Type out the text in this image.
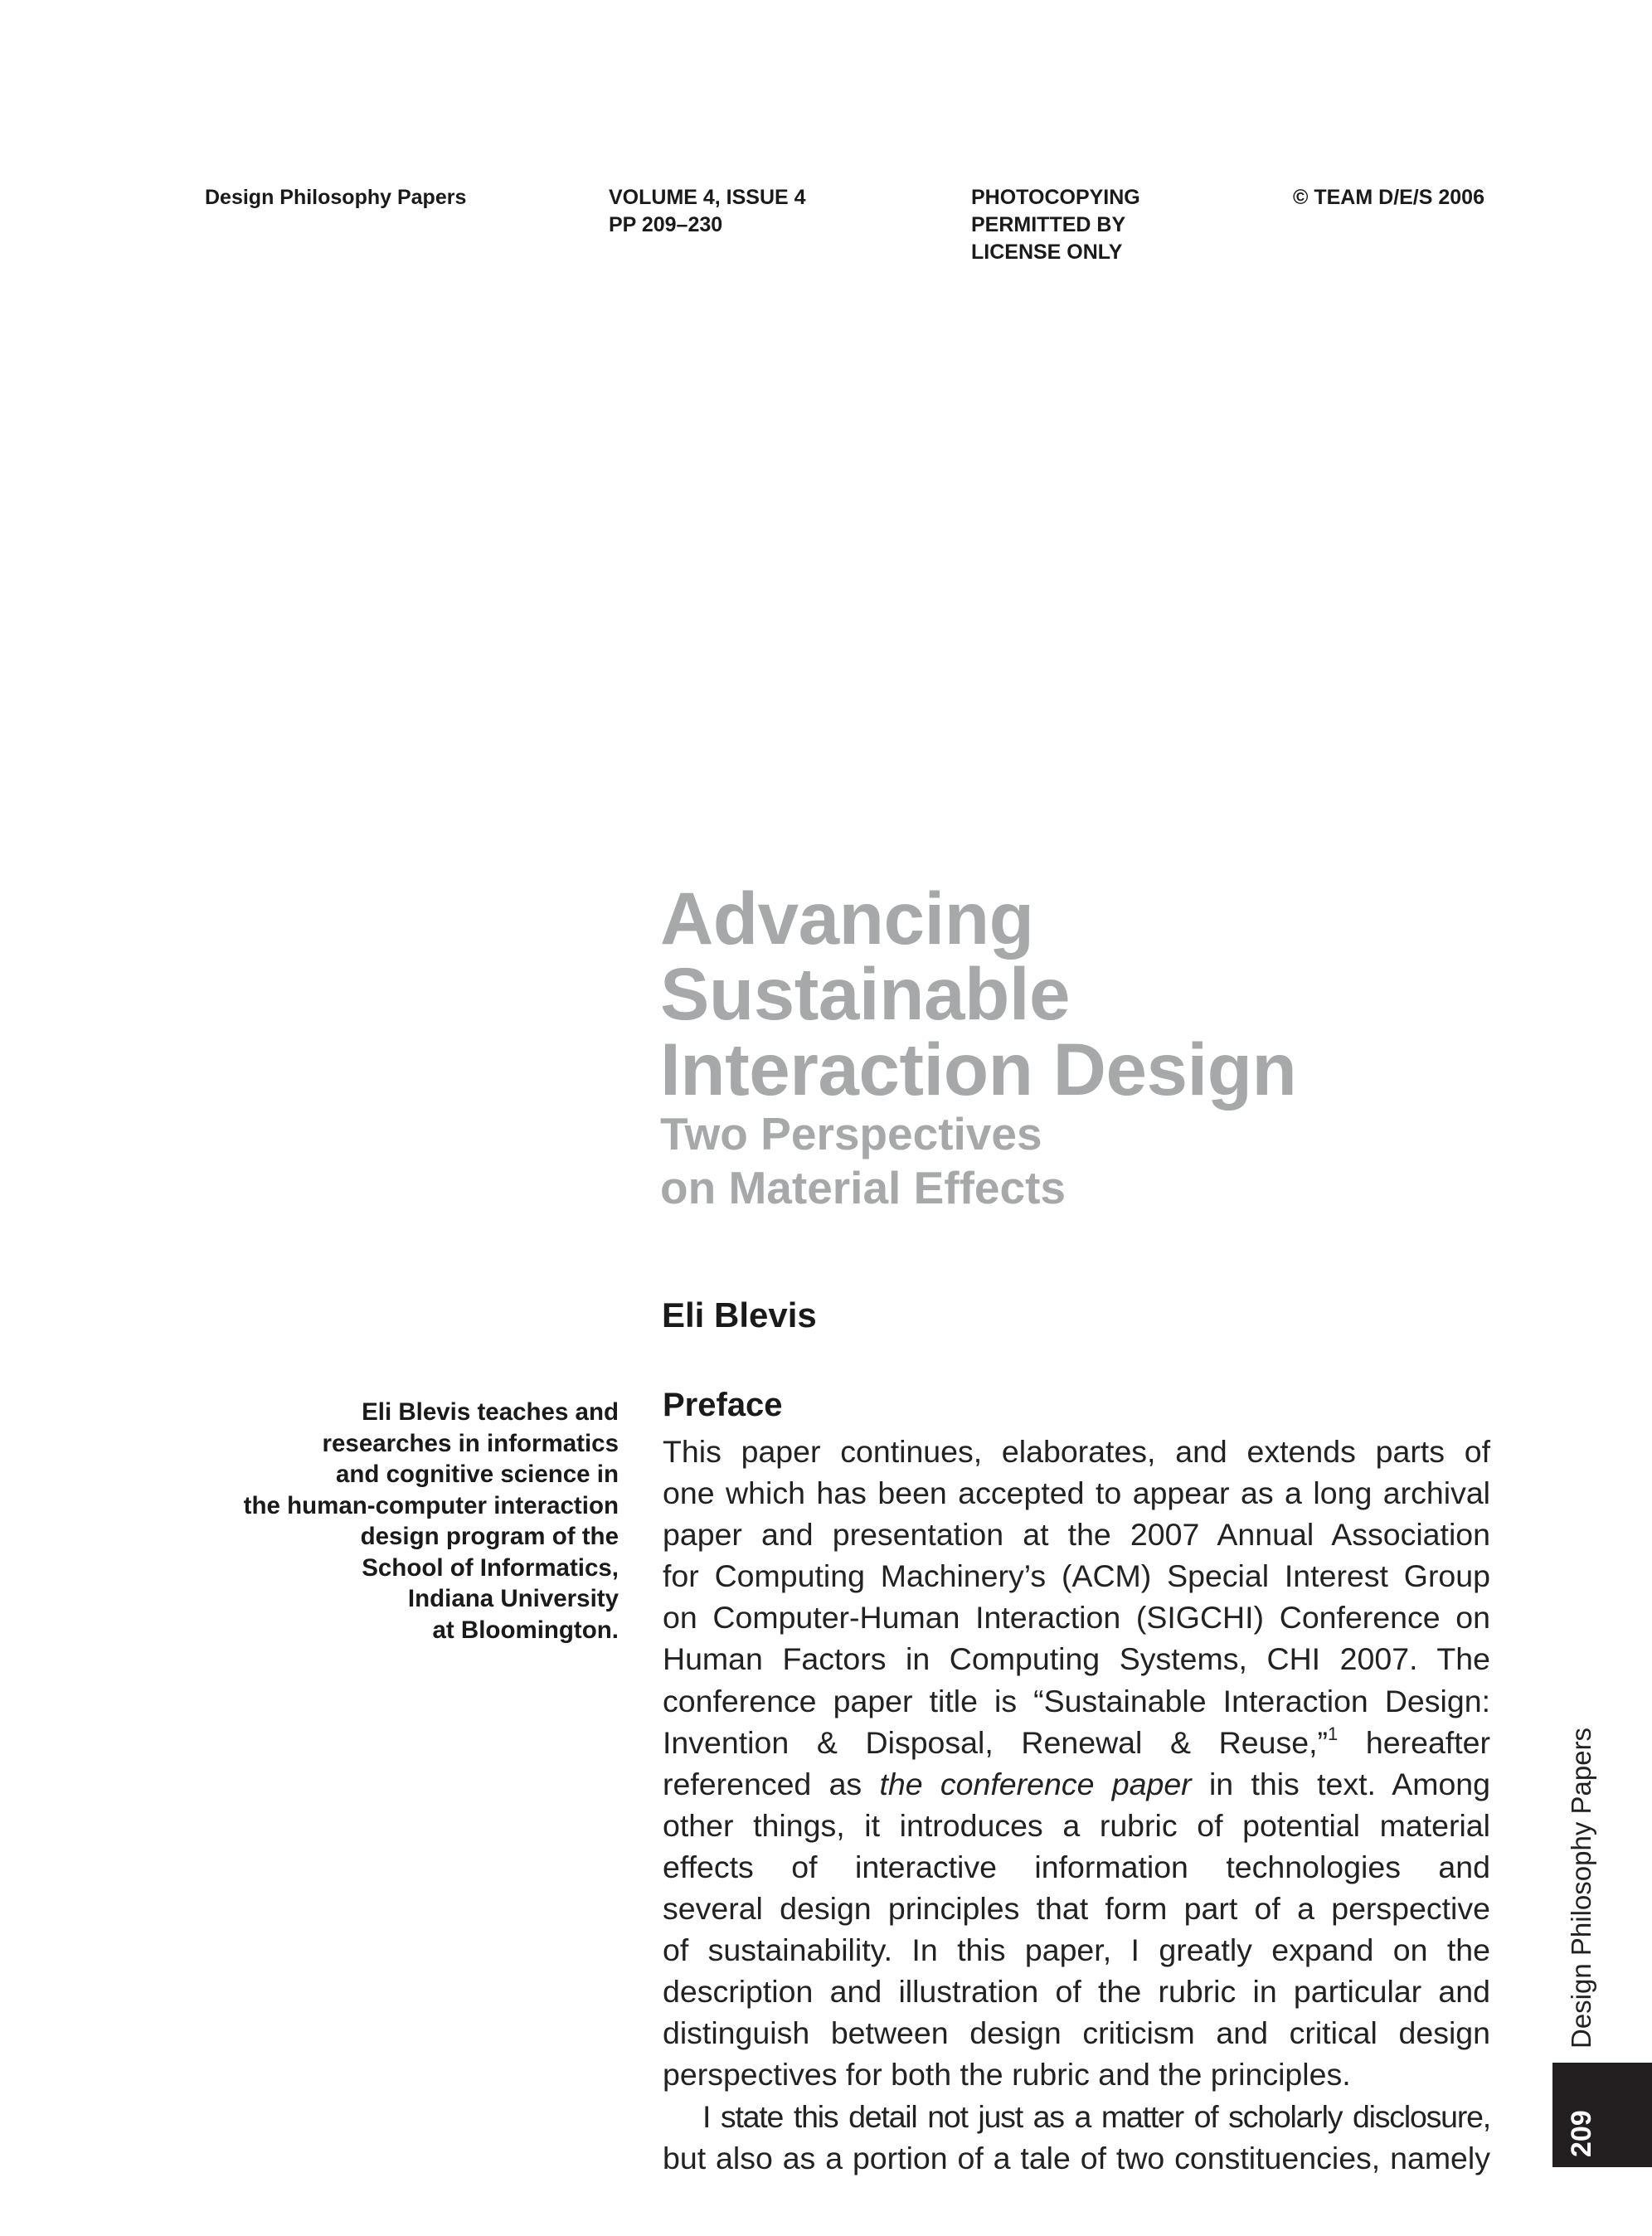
Design Philosophy Papers	VOLUME 4, ISSUE 4
PP 209–230
PHOTOCOPYING
PERMITTED BY
LICENSE ONLY
© TEAM D/E/S 2006
Advancing
Sustainable
Interaction Design
Two Perspectives
on Material Effects
Eli Blevis
Eli Blevis teaches and
researches in informatics
and cognitive science in
the human-computer interaction
design program of the
School of Informatics,
Indiana University
at Bloomington.
Preface
This paper continues, elaborates, and extends parts of
one which has been accepted to appear as a long archival
paper and presentation at the 2007 Annual Association
for Computing Machinery’s (ACM) Special Interest Group
on Computer-Human Interaction (SIGCHI) Conference on
Human Factors in Computing Systems, CHI 2007. The
conference paper title is “Sustainable Interaction Design:
Invention & Disposal, Renewal & Reuse,”$^1$ hereafter
referenced as the conference paper in this text. Among
other things, it introduces a rubric of potential material
effects of interactive information technologies and
several design principles that form part of a perspective
of sustainability. In this paper, I greatly expand on the
description and illustration of the rubric in particular and
distinguish between design criticism and critical design
perspectives for both the rubric and the principles.
I state this detail not just as a matter of scholarly disclosure,
but also as a portion of a tale of two constituencies, namely
Design Philosophy Papers
209
